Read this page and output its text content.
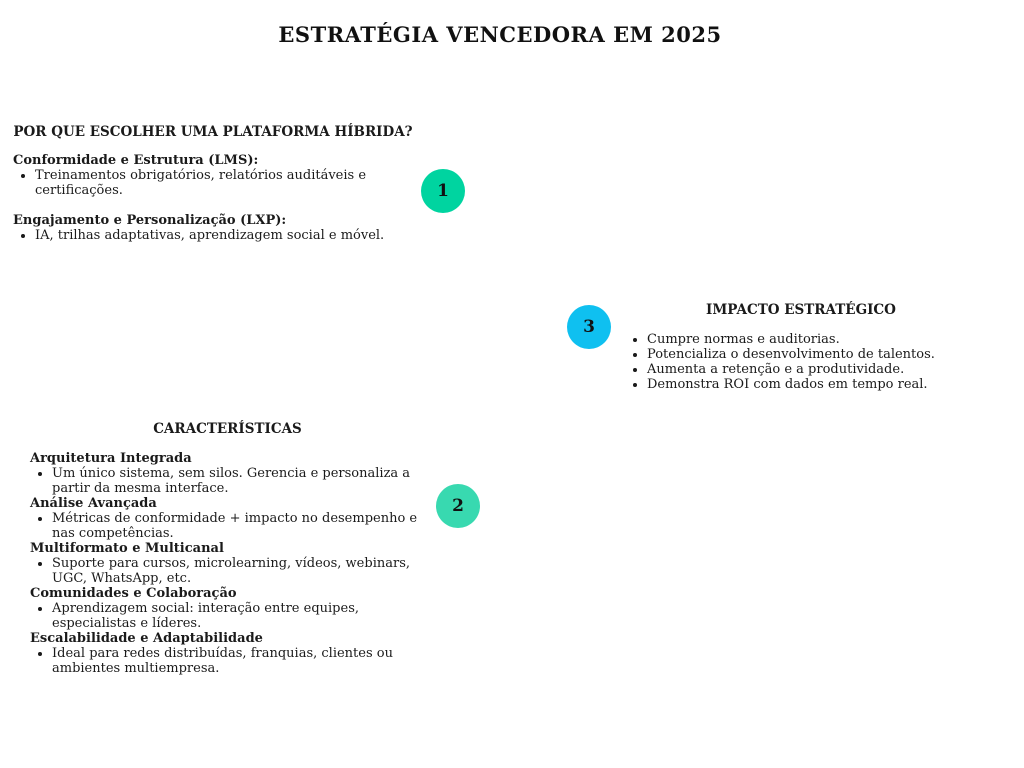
ESTRATÉGIA VENCEDORA EM 2025

POR QUE ESCOLHER UMA PLATAFORMA HÍBRIDA?

Conformidade e Estrutura (LMS):

• Treinamentos obrigatórios, relatórios auditáveis e certificações.

Engajamento e Personalização (LXP):

• IA, trilhas adaptativas, aprendizagem social e móvel.
1
3

IMPACTO ESTRATÉGICO

• Cumpre normas e auditorias.
• Potencializa o desenvolvimento de talentos.
• Aumenta a retenção e a produtividade.
• Demonstra ROI com dados em tempo real.

CARACTERÍSTICAS

Arquitetura Integrada

• Um único sistema, sem silos. Gerencia e personaliza a partir da mesma interface.

Análise Avançada

• Métricas de conformidade + impacto no desempenho e nas competências.

Multiformato e Multicanal

• Suporte para cursos, microlearning, vídeos, webinars, UGC, WhatsApp, etc.

Comunidades e Colaboração

• Aprendizagem social: interação entre equipes, especialistas e líderes.

Escalabilidade e Adaptabilidade

• Ideal para redes distribuídas, franquias, clientes ou ambientes multiempresa.
2
